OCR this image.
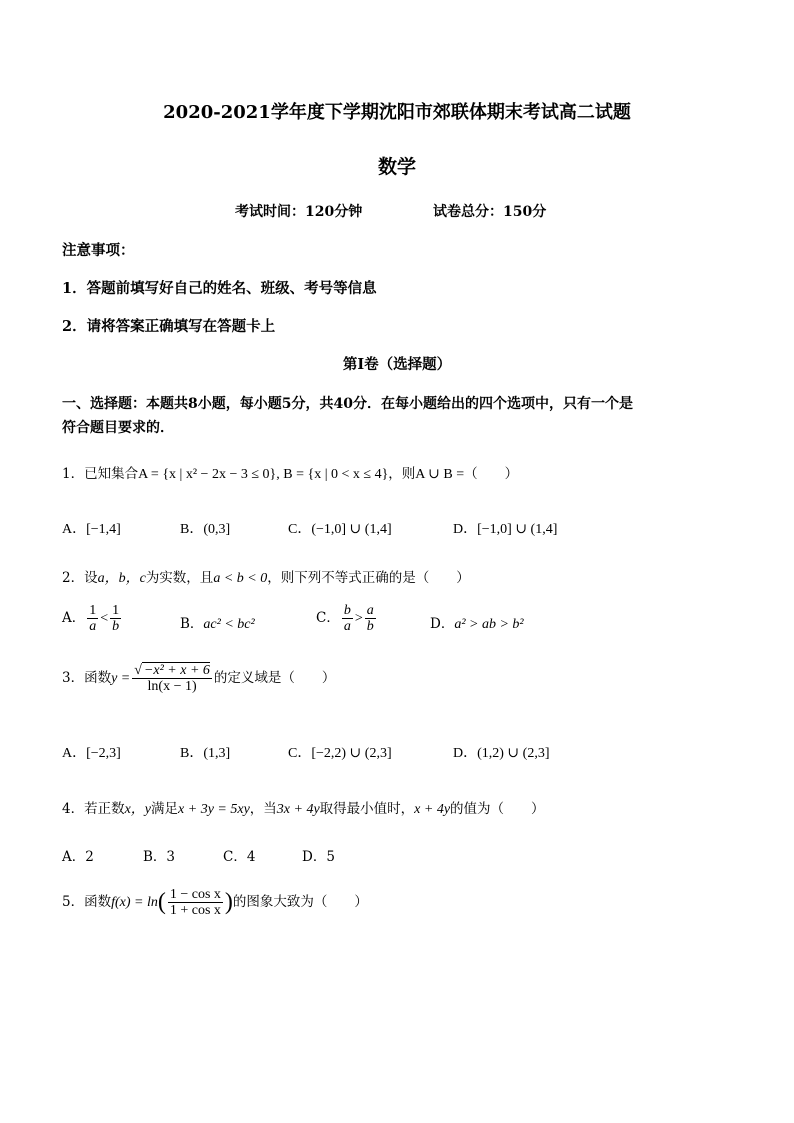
2020-2021学年度下学期沈阳市郊联体期末考试高二试题
数学
考试时间：120分钟	试卷总分：150分
注意事项：
1．答题前填写好自己的姓名、班级、考号等信息
2．请将答案正确填写在答题卡上
第Ⅰ卷（选择题）
一、选择题：本题共8小题，每小题5分，共40分．在每小题给出的四个选项中，只有一个是
符合题目要求的．
1．已知集合A = {x | x² − 2x − 3 ≤ 0}, B = {x | 0 < x ≤ 4}，则A ∪ B =（　　）
A．[−1,4]	B．(0,3]	C．(−1,0] ∪ (1,4]	D．[−1,0] ∪ (1,4]
2．设a，b，c为实数，且a < b < 0，则下列不等式正确的是（　　）
A． $\frac{1}{a} < \frac{1}{b}$	B．ac² < bc²	C． $\frac{b}{a} > \frac{a}{b}$	D．a² > ab > b²
3．函数$y = \frac{\text{√ −x² + x + 6}}{\ln(x - 1)}$ 的定义域是（　　）
A．[−2,3]	B．(1,3]	C．[−2,2) ∪ (2,3]	D．(1,2) ∪ (2,3]
4．若正数x，y满足x + 3y = 5xy，当3x + 4y取得最小值时，x + 4y的值为（　　）
A．2	B．3	C．4	D．5
5．函数$f(x) = \ln( \frac{\text{1 − cos x}}{\text{1 + cos x}}$ )的图象大致为（　　）
